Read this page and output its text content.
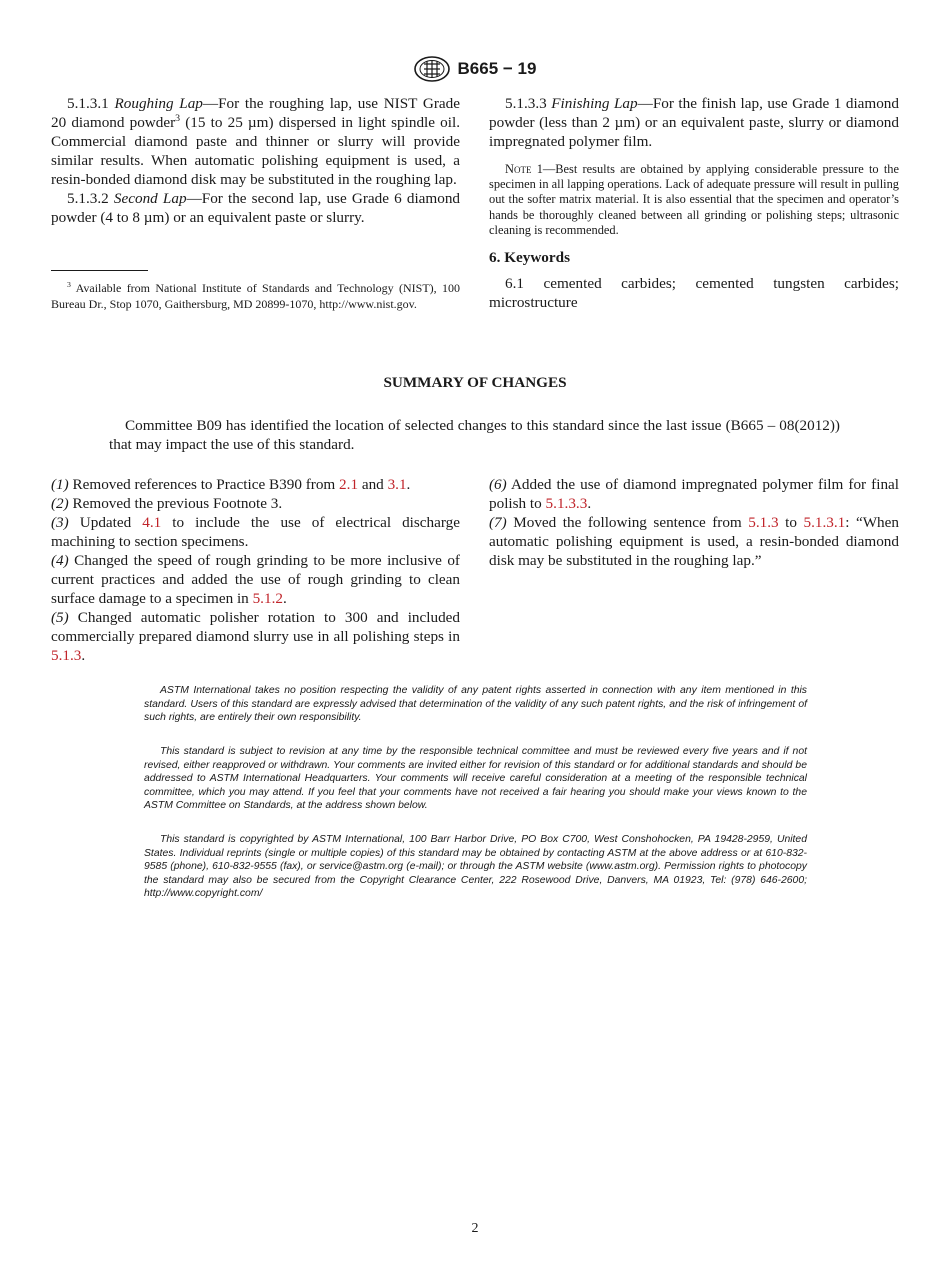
B665 − 19

5.1.3.1 Roughing Lap—For the roughing lap, use NIST Grade 20 diamond powder$^3$ (15 to 25 µm) dispersed in light spindle oil. Commercial diamond paste and thinner or slurry will provide similar results. When automatic polishing equipment is used, a resin-bonded diamond disk may be substituted in the roughing lap.

5.1.3.2 Second Lap—For the second lap, use Grade 6 diamond powder (4 to 8 µm) or an equivalent paste or slurry.

$^3$ Available from National Institute of Standards and Technology (NIST), 100 Bureau Dr., Stop 1070, Gaithersburg, MD 20899-1070, http://www.nist.gov.

5.1.3.3 Finishing Lap—For the finish lap, use Grade 1 diamond powder (less than 2 µm) or an equivalent paste, slurry or diamond impregnated polymer film.

Note 1—Best results are obtained by applying considerable pressure to the specimen in all lapping operations. Lack of adequate pressure will result in pulling out the softer matrix material. It is also essential that the specimen and operator’s hands be thoroughly cleaned between all grinding or polishing steps; ultrasonic cleaning is recommended.
6. Keywords
6.1 cemented carbides; cemented tungsten carbides; microstructure
SUMMARY OF CHANGES
Committee B09 has identified the location of selected changes to this standard since the last issue (B665 – 08(2012)) that may impact the use of this standard.

(1) Removed references to Practice B390 from 2.1 and 3.1.

(2) Removed the previous Footnote 3.

(3) Updated 4.1 to include the use of electrical discharge machining to section specimens.

(4) Changed the speed of rough grinding to be more inclusive of current practices and added the use of rough grinding to clean surface damage to a specimen in 5.1.2.

(5) Changed automatic polisher rotation to 300 and included commercially prepared diamond slurry use in all polishing steps in 5.1.3.

(6) Added the use of diamond impregnated polymer film for final polish to 5.1.3.3.

(7) Moved the following sentence from 5.1.3 to 5.1.3.1: “When automatic polishing equipment is used, a resin-bonded diamond disk may be substituted in the roughing lap.”

ASTM International takes no position respecting the validity of any patent rights asserted in connection with any item mentioned in this standard. Users of this standard are expressly advised that determination of the validity of any such patent rights, and the risk of infringement of such rights, are entirely their own responsibility.

This standard is subject to revision at any time by the responsible technical committee and must be reviewed every five years and if not revised, either reapproved or withdrawn. Your comments are invited either for revision of this standard or for additional standards and should be addressed to ASTM International Headquarters. Your comments will receive careful consideration at a meeting of the responsible technical committee, which you may attend. If you feel that your comments have not received a fair hearing you should make your views known to the ASTM Committee on Standards, at the address shown below.

This standard is copyrighted by ASTM International, 100 Barr Harbor Drive, PO Box C700, West Conshohocken, PA 19428-2959, United States. Individual reprints (single or multiple copies) of this standard may be obtained by contacting ASTM at the above address or at 610-832-9585 (phone), 610-832-9555 (fax), or service@astm.org (e-mail); or through the ASTM website (www.astm.org). Permission rights to photocopy the standard may also be secured from the Copyright Clearance Center, 222 Rosewood Drive, Danvers, MA 01923, Tel: (978) 646-2600; http://www.copyright.com/

2
